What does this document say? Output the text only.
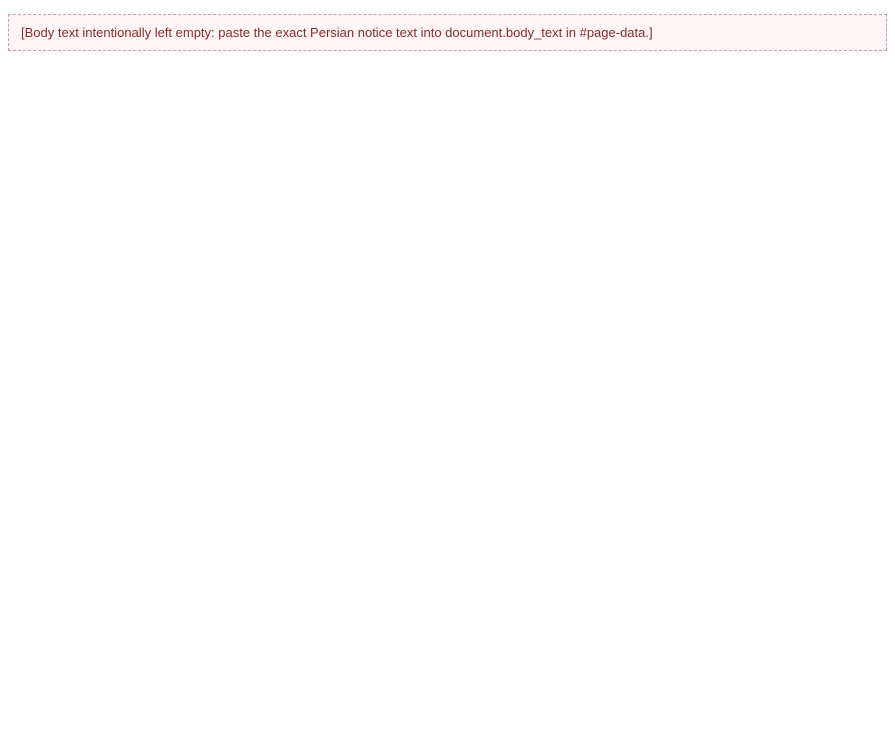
[Body text intentionally left empty: paste the exact Persian notice text into document.body_text in #page-data.]
